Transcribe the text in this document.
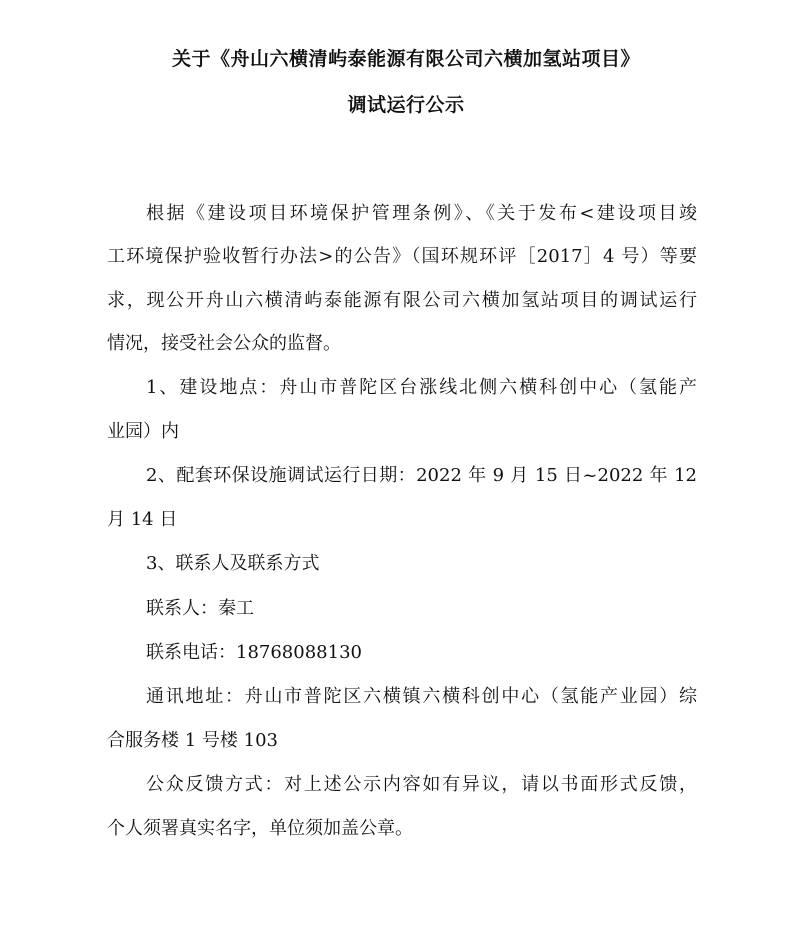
关于《舟山六横清屿泰能源有限公司六横加氢站项目》
调试运行公示
根据《建设项目环境保护管理条例》、《关于发布<建设项目竣
工环境保护验收暂行办法>的公告》（国环规环评［2017］4 号）等要
求，现公开舟山六横清屿泰能源有限公司六横加氢站项目的调试运行
情况，接受社会公众的监督。
1、建设地点：舟山市普陀区台涨线北侧六横科创中心（氢能产
业园）内
2、配套环保设施调试运行日期：2022 年 9 月 15 日~2022 年 12
月 14 日
3、联系人及联系方式
联系人：秦工
联系电话：18768088130
通讯地址：舟山市普陀区六横镇六横科创中心（氢能产业园）综
合服务楼 1 号楼 103
公众反馈方式：对上述公示内容如有异议，请以书面形式反馈，
个人须署真实名字，单位须加盖公章。
